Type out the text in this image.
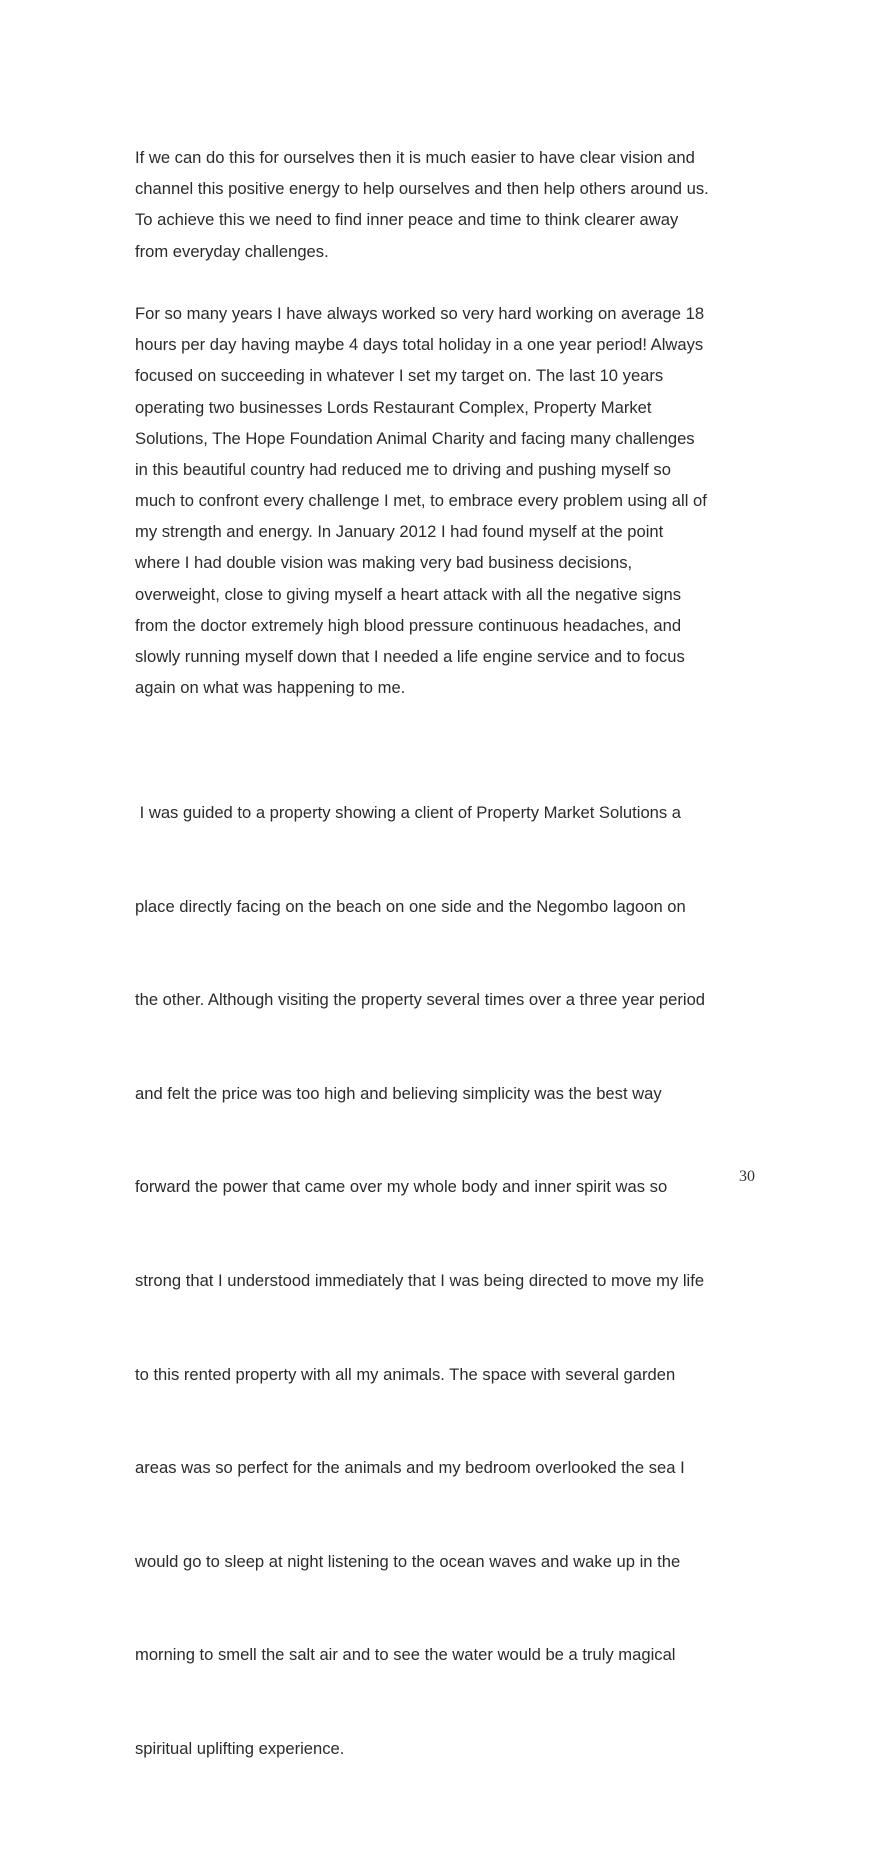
If we can do this for ourselves then it is much easier to have clear vision and
channel this positive energy to help ourselves and then help others around us.
To achieve this we need to find inner peace and time to think clearer away
from everyday challenges.

For so many years I have always worked so very hard working on average 18
hours per day having maybe 4 days total holiday in a one year period! Always
focused on succeeding in whatever I set my target on. The last 10 years
operating two businesses Lords Restaurant Complex, Property Market
Solutions, The Hope Foundation Animal Charity and facing many challenges
in this beautiful country had reduced me to driving and pushing myself so
much to confront every challenge I met, to embrace every problem using all of
my strength and energy. In January 2012 I had found myself at the point
where I had double vision was making very bad business decisions,
overweight, close to giving myself a heart attack with all the negative signs
from the doctor extremely high blood pressure continuous headaches, and
slowly running myself down that I needed a life engine service and to focus
again on what was happening to me.

I was guided to a property showing a client of Property Market Solutions a

place directly facing on the beach on one side and the Negombo lagoon on

the other. Although visiting the property several times over a three year period

and felt the price was too high and believing simplicity was the best way

forward the power that came over my whole body and inner spirit was so

strong that I understood immediately that I was being directed to move my life

to this rented property with all my animals. The space with several garden

areas was so perfect for the animals and my bedroom overlooked the sea I

would go to sleep at night listening to the ocean waves and wake up in the

morning to smell the salt air and to see the water would be a truly magical

spiritual uplifting experience.

30
